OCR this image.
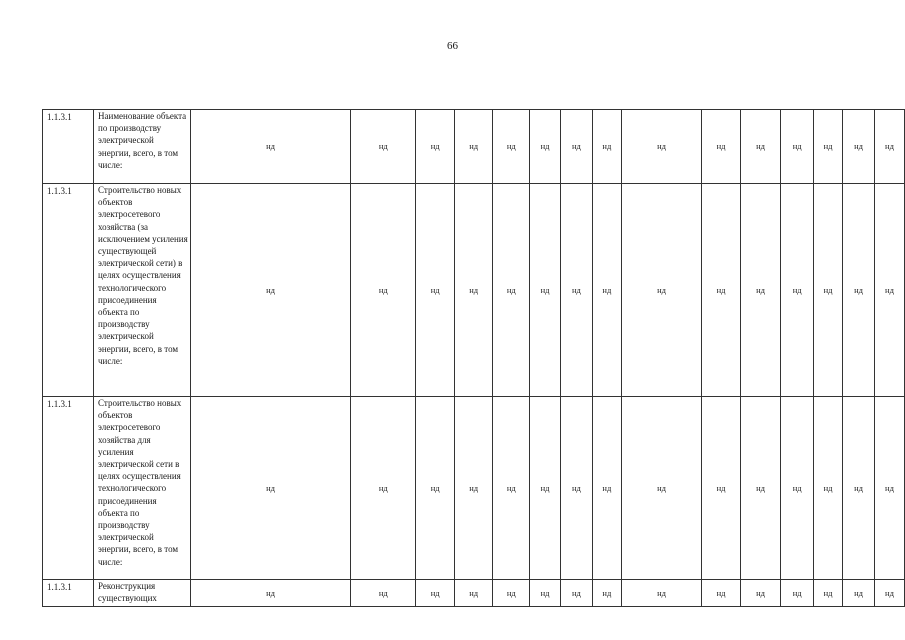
66
1.1.3.1	Наименование объекта по производству электрической энергии, всего, в том числе:	нд	нд	нд	нд	нд	нд	нд	нд	нд	нд	нд	нд	нд	нд	нд
1.1.3.1	Строительство новых объектов электросетевого хозяйства (за исключением усиления существующей электрической сети) в целях осуществления технологического присоединения объекта по производству электрической энергии, всего, в том числе:	нд	нд	нд	нд	нд	нд	нд	нд	нд	нд	нд	нд	нд	нд	нд
1.1.3.1	Строительство новых объектов электросетевого хозяйства для усиления электрической сети в целях осуществления технологического присоединения объекта по производству электрической энергии, всего, в том числе:	нд	нд	нд	нд	нд	нд	нд	нд	нд	нд	нд	нд	нд	нд	нд
1.1.3.1	Реконструкция существующих	нд	нд	нд	нд	нд	нд	нд	нд	нд	нд	нд	нд	нд	нд	нд
